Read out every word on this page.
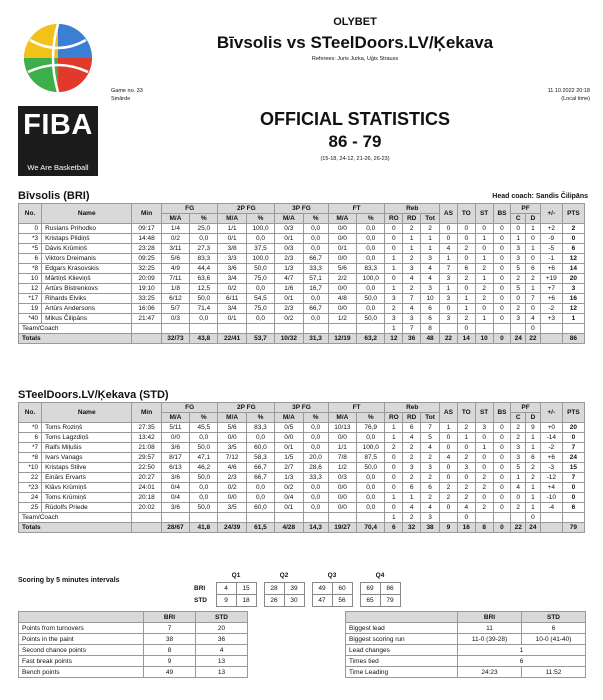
FIBA
We Are Basketball
OLYBET
Bīvsolis vs STeelDoors.LV/Ķekava
Referees: Juris Jurka, Uģis Strauss
Game no. 33
Smārde
11.10.2022 20:18
(Local time)
OFFICIAL STATISTICS
86 - 79
(15-18, 24-12, 21-26, 26-23)
Bīvsolis (BRI)	Head coach: Sandis Čilipāns
No.	Name	Min	FG		2P FG		3P FG		FT		Reb			AS	TO	ST	BS	PF		+/-	PTS
			M/A	%	M/A	%	M/A	%	M/A	%	RO	RD	Tot					C	D		
0	Ruslans Prihodko	09:17	1/4	25,0	1/1	100,0	0/3	0,0	0/0	0,0	0	2	2	0	0	0	0	0	1	+2	2
*3	Kristaps Pildiņš	14:48	0/2	0,0	0/1	0,0	0/1	0,0	0/0	0,0	0	1	1	0	0	1	0	1	0	-9	0
*5	Dāvis Krūmiņš	23:28	3/11	27,3	3/8	37,5	0/3	0,0	0/1	0,0	0	1	1	4	2	0	0	3	1	-5	6
6	Viktors Dreimanis	09:25	5/6	83,3	3/3	100,0	2/3	66,7	0/0	0,0	1	2	3	1	0	1	0	3	0	-1	12
*8	Edgars Krasovskis	32:25	4/9	44,4	3/6	50,0	1/3	33,3	5/6	83,3	1	3	4	7	6	2	0	5	6	+6	14
10	Mārtiņš Klieviņš	20:09	7/11	63,6	3/4	75,0	4/7	57,1	2/2	100,0	0	4	4	3	2	1	0	2	2	+19	20
12	Artūrs Bistrenkovs	19:10	1/8	12,5	0/2	0,0	1/6	16,7	0/0	0,0	1	2	3	1	0	2	0	5	1	+7	3
*17	Rihards Elviks	33:25	6/12	50,0	6/11	54,5	0/1	0,0	4/8	50,0	3	7	10	3	1	2	0	0	7	+6	16
19	Artūrs Andersons	16:06	5/7	71,4	3/4	75,0	2/3	66,7	0/0	0,0	2	4	6	0	1	0	0	2	0	-2	12
*40	Mikus Čilipāns	21:47	0/3	0,0	0/1	0,0	0/2	0,0	1/2	50,0	3	3	6	3	2	1	0	3	4	+3	1
Team/Coach											1	7	8		0				0		
Totals			32/73	43,8	22/41	53,7	10/32	31,3	12/19	63,2	12	36	48	22	14	10	0	24	22		86
STeelDoors.LV/Ķekava (STD)
No.	Name	Min	FG		2P FG		3P FG		FT		Reb			AS	TO	ST	BS	PF		+/-	PTS
			M/A	%	M/A	%	M/A	%	M/A	%	RO	RD	Tot					C	D		
*0	Toms Roziņš	27:35	5/11	45,5	5/6	83,3	0/5	0,0	10/13	76,9	1	6	7	1	2	3	0	2	9	+0	20
6	Toms Lagzdiņš	13:42	0/0	0,0	0/0	0,0	0/0	0,0	0/0	0,0	1	4	5	0	1	0	0	2	1	-14	0
*7	Ralfs Miļušis	21:08	3/6	50,0	3/5	60,0	0/1	0,0	1/1	100,0	2	2	4	0	0	1	0	3	1	-2	7
*8	Ivars Vanags	29:57	8/17	47,1	7/12	58,3	1/5	20,0	7/8	87,5	0	2	2	4	2	0	0	3	6	+6	24
*10	Kristaps Stilve	22:50	6/13	46,2	4/6	66,7	2/7	28,6	1/2	50,0	0	3	3	0	3	0	0	5	2	-3	15
22	Einārs Ervarts	20:27	3/6	50,0	2/3	66,7	1/3	33,3	0/3	0,0	0	2	2	0	0	2	0	1	2	-12	7
*23	Klāvs Krūmiņš	24:01	0/4	0,0	0/2	0,0	0/2	0,0	0/0	0,0	0	6	6	2	2	2	0	4	1	+4	0
24	Toms Krūmiņš	20:18	0/4	0,0	0/0	0,0	0/4	0,0	0/0	0,0	1	1	2	2	2	0	0	0	1	-10	0
25	Rūdolfs Priede	20:02	3/6	50,0	3/5	60,0	0/1	0,0	0/0	0,0	0	4	4	0	4	2	0	2	1	-4	6
Team/Coach											1	2	3		0				0		
Totals			28/67	41,8	24/39	61,5	4/28	14,3	19/27	70,4	6	32	38	9	16	8	0	22	24		79
Scoring by 5 minutes intervals
	Q1			Q2			Q3			Q4	
BRI	4	15		28	39		49	60		69	86
STD	9	18		26	30		47	56		65	79
	BRI	STD
Points from turnovers	7	20
Points in the paint	38	36
Second chance points	8	4
Fast break points	9	13
Bench points	49	13
	BRI	STD
Biggest lead	11	6
Biggest scoring run	11-0 (39-28)	10-0 (41-40)
Lead changes	1	
Times tied	6	
Time Leading	24:23	11:52
